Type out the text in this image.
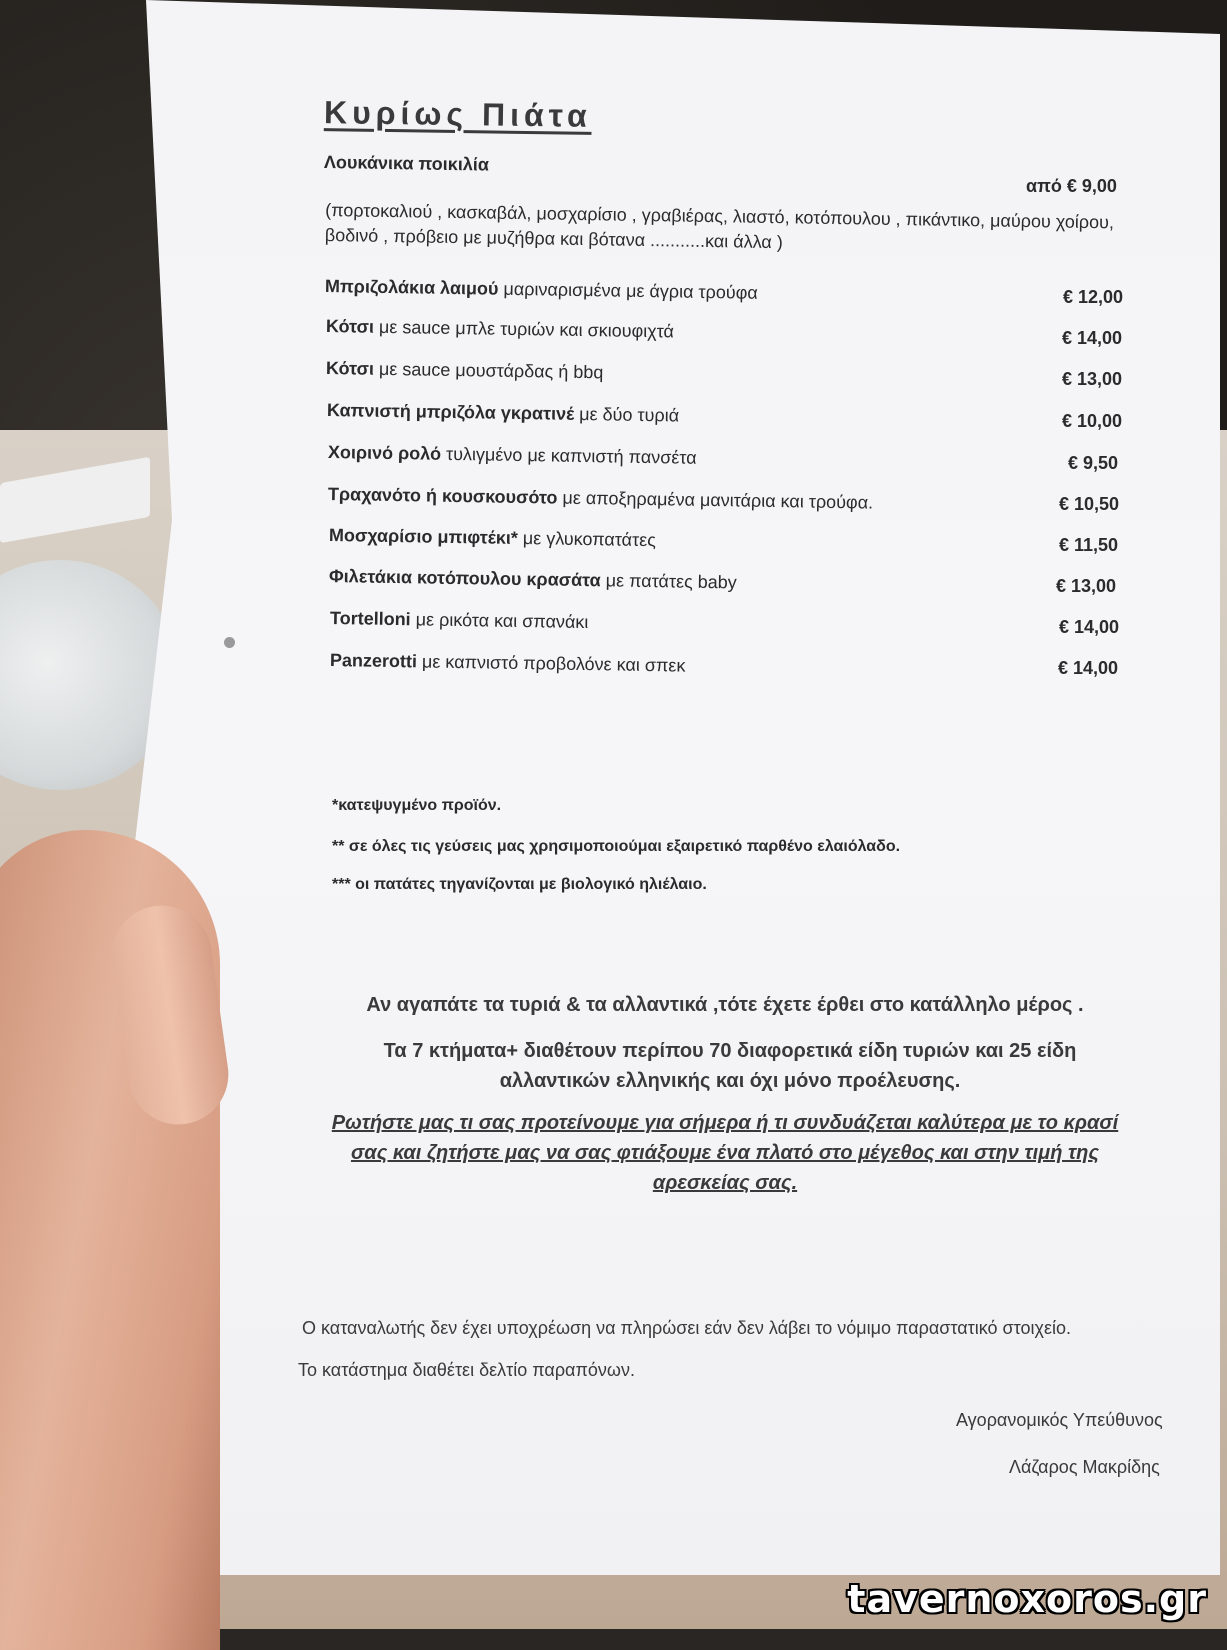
Κυρίως Πιάτα
Λουκάνικα ποικιλία
από € 9,00
(πορτοκαλιού , κασκαβάλ, μοσχαρίσιο , γραβιέρας, λιαστό, κοτόπουλου , πικάντικο, μαύρου χοίρου, βοδινό , πρόβειο με μυζήθρα και βότανα ...........και άλλα )
Μπριζολάκια λαιμού μαριναρισμένα με άγρια τρούφα	€ 12,00
Κότσι με sauce μπλε τυριών και σκιουφιχτά	€ 14,00
Κότσι με sauce μουστάρδας ή bbq	€ 13,00
Καπνιστή μπριζόλα γκρατινέ με δύο τυριά	€ 10,00
Χοιρινό ρολό τυλιγμένο με καπνιστή πανσέτα	€ 9,50
Τραχανότο ή κουσκουσότο με αποξηραμένα μανιτάρια και τρούφα.	€ 10,50
Μοσχαρίσιο μπιφτέκι* με γλυκοπατάτες	€ 11,50
Φιλετάκια κοτόπουλου κρασάτα με πατάτες baby	€ 13,00
Tortelloni με ρικότα και σπανάκι	€ 14,00
Panzerotti με καπνιστό προβολόνε και σπεκ	€ 14,00
*κατεψυγμένο προϊόν.
** σε όλες τις γεύσεις μας χρησιμοποιούμαι εξαιρετικό παρθένο ελαιόλαδο.
*** οι πατάτες τηγανίζονται με βιολογικό ηλιέλαιο.
Αν αγαπάτε τα τυριά & τα αλλαντικά ,τότε έχετε έρθει στο κατάλληλο μέρος .
Τα 7 κτήματα+ διαθέτουν περίπου 70 διαφορετικά είδη τυριών και 25 είδη αλλαντικών ελληνικής και όχι μόνο προέλευσης.
Ρωτήστε μας τι σας προτείνουμε για σήμερα ή τι συνδυάζεται καλύτερα με το κρασί σας και ζητήστε μας να σας φτιάξουμε ένα πλατό στο μέγεθος και στην τιμή της αρεσκείας σας.
Ο καταναλωτής δεν έχει υποχρέωση να πληρώσει εάν δεν λάβει το νόμιμο παραστατικό στοιχείο.
Το κατάστημα διαθέτει δελτίο παραπόνων.
Αγορανομικός Υπεύθυνος
Λάζαρος Μακρίδης
tavernoxoros.gr
